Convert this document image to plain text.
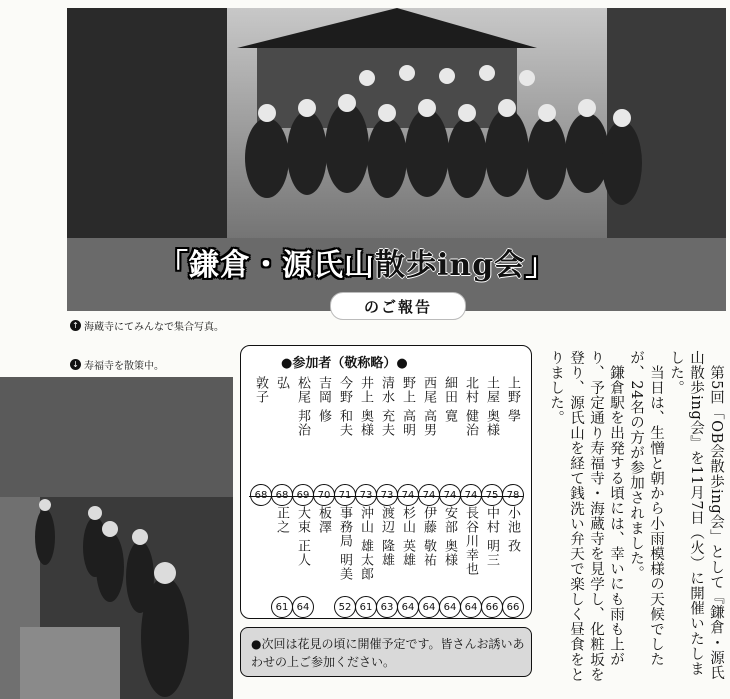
「鎌倉・源氏山散歩ing会」
のご報告
↑ 海蔵寺にてみんなで集合写真。
↓ 寿福寺を散策中。	●参加者（敬称略）●
上野 學
78
土屋 奥様
75
北村 健治
74
細田 寛
74
西尾 高男
74
野上 高明
74
清水 充夫
73
井上 奥様
73
今野 和夫
71
吉岡 修
70
松尾 邦治
69
弘
68
敦子
68
小池 孜
66
中村 明三
66
長谷川幸也
64
安部 奥様
64
伊藤 敬祐
64
杉山 英雄
64
渡辺 隆雄
63
沖山 雄太郎
61
事務局 明美
52
板澤
大束 正人
64
正之
61
●次回は花見の頃に開催予定です。皆さんお誘いあわせの上ご参加ください。	第5回「OB会散歩ing会」として『鎌倉・源氏山散歩ing会』を11月7日（火）に開催いたしました。

当日は、生憎と朝から小雨模様の天候でしたが、24名の方が参加されました。

鎌倉駅を出発する頃には、幸いにも雨も上がり、予定通り寿福寺・海蔵寺を見学し、化粧坂を登り、源氏山を経て銭洗い弁天で楽しく昼食をとりました。
